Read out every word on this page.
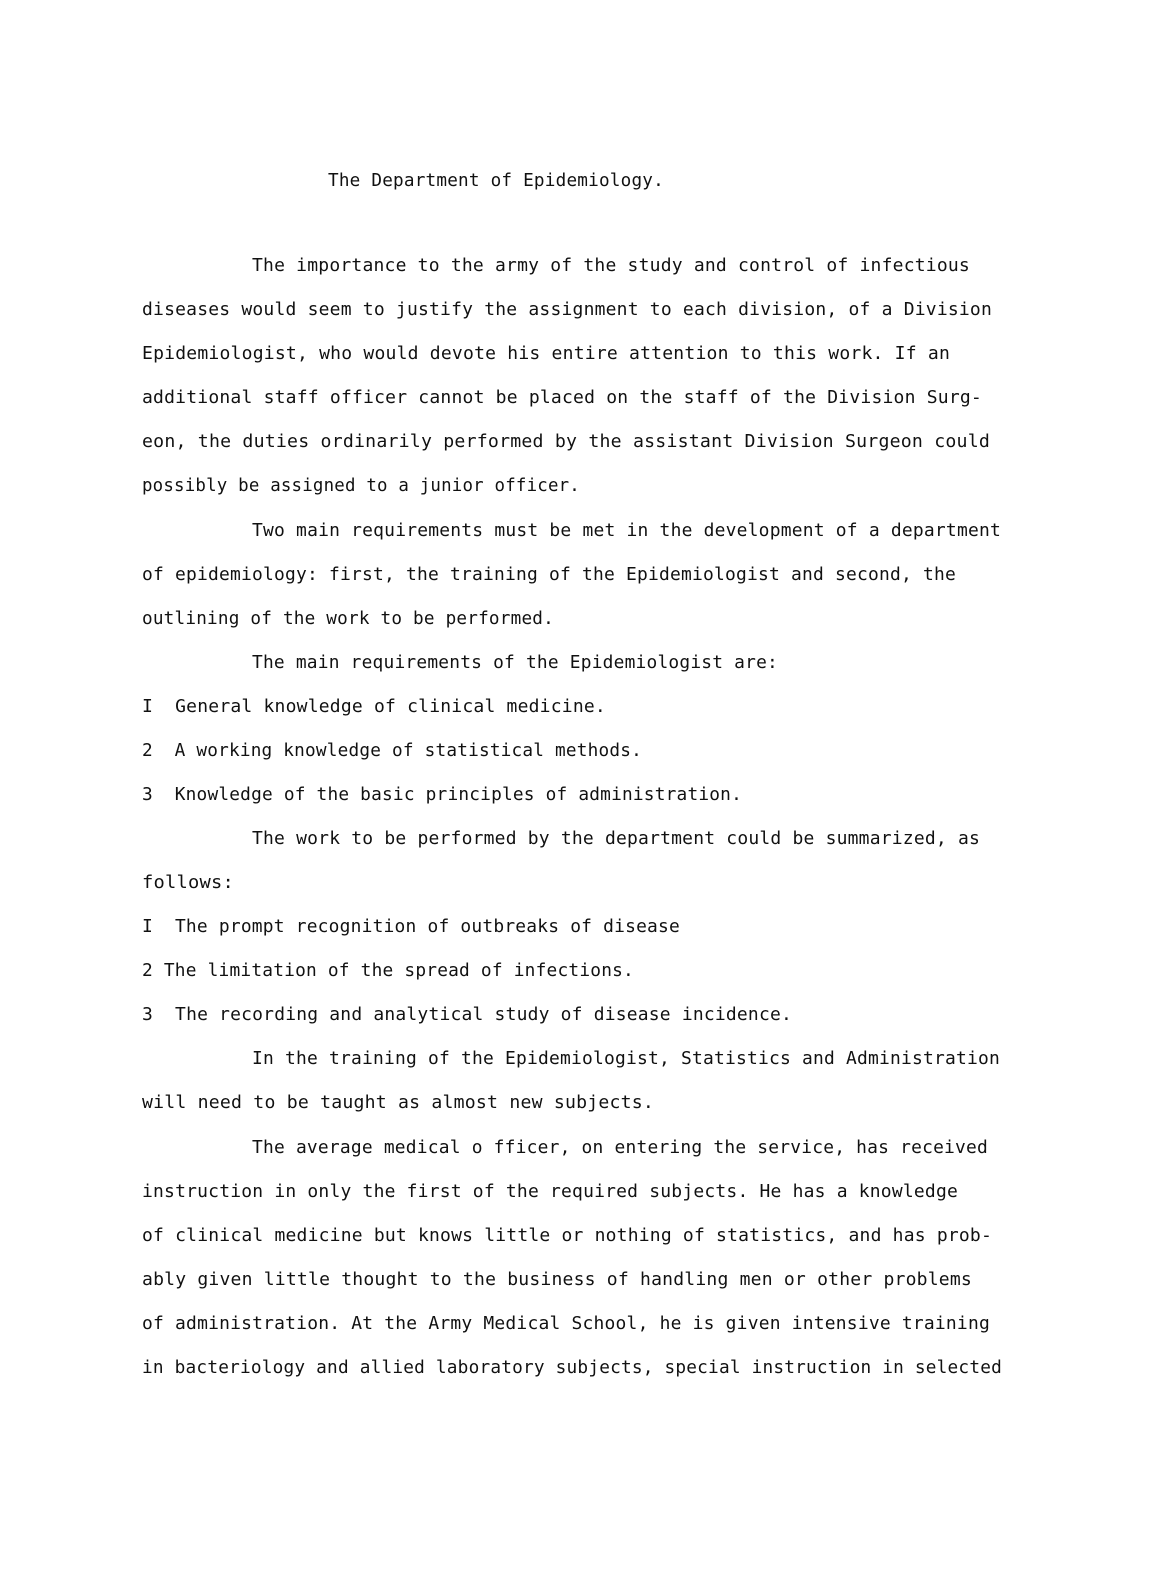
The Department of Epidemiology.
The importance to the army of the study and control of infectious
diseases would seem to justify the assignment to each division, of a Division
Epidemiologist, who would devote his entire attention to this work. If an
additional staff officer cannot be placed on the staff of the Division Surg-
eon, the duties ordinarily performed by the assistant Division Surgeon could
possibly be assigned to a junior officer.
Two main requirements must be met in the development of a department
of epidemiology: first, the training of the Epidemiologist and second, the
outlining of the work to be performed.
The main requirements of the Epidemiologist are:
I  General knowledge of clinical medicine.
2  A working knowledge of statistical methods.
3  Knowledge of the basic principles of administration.
The work to be performed by the department could be summarized, as
follows:
I  The prompt recognition of outbreaks of disease
2 The limitation of the spread of infections.
3  The recording and analytical study of disease incidence.
In the training of the Epidemiologist, Statistics and Administration
will need to be taught as almost new subjects.
The average medical o fficer, on entering the service, has received
instruction in only the first of the required subjects. He has a knowledge
of clinical medicine but knows little or nothing of statistics, and has prob-
ably given little thought to the business of handling men or other problems
of administration. At the Army Medical School, he is given intensive training
in bacteriology and allied laboratory subjects, special instruction in selected
